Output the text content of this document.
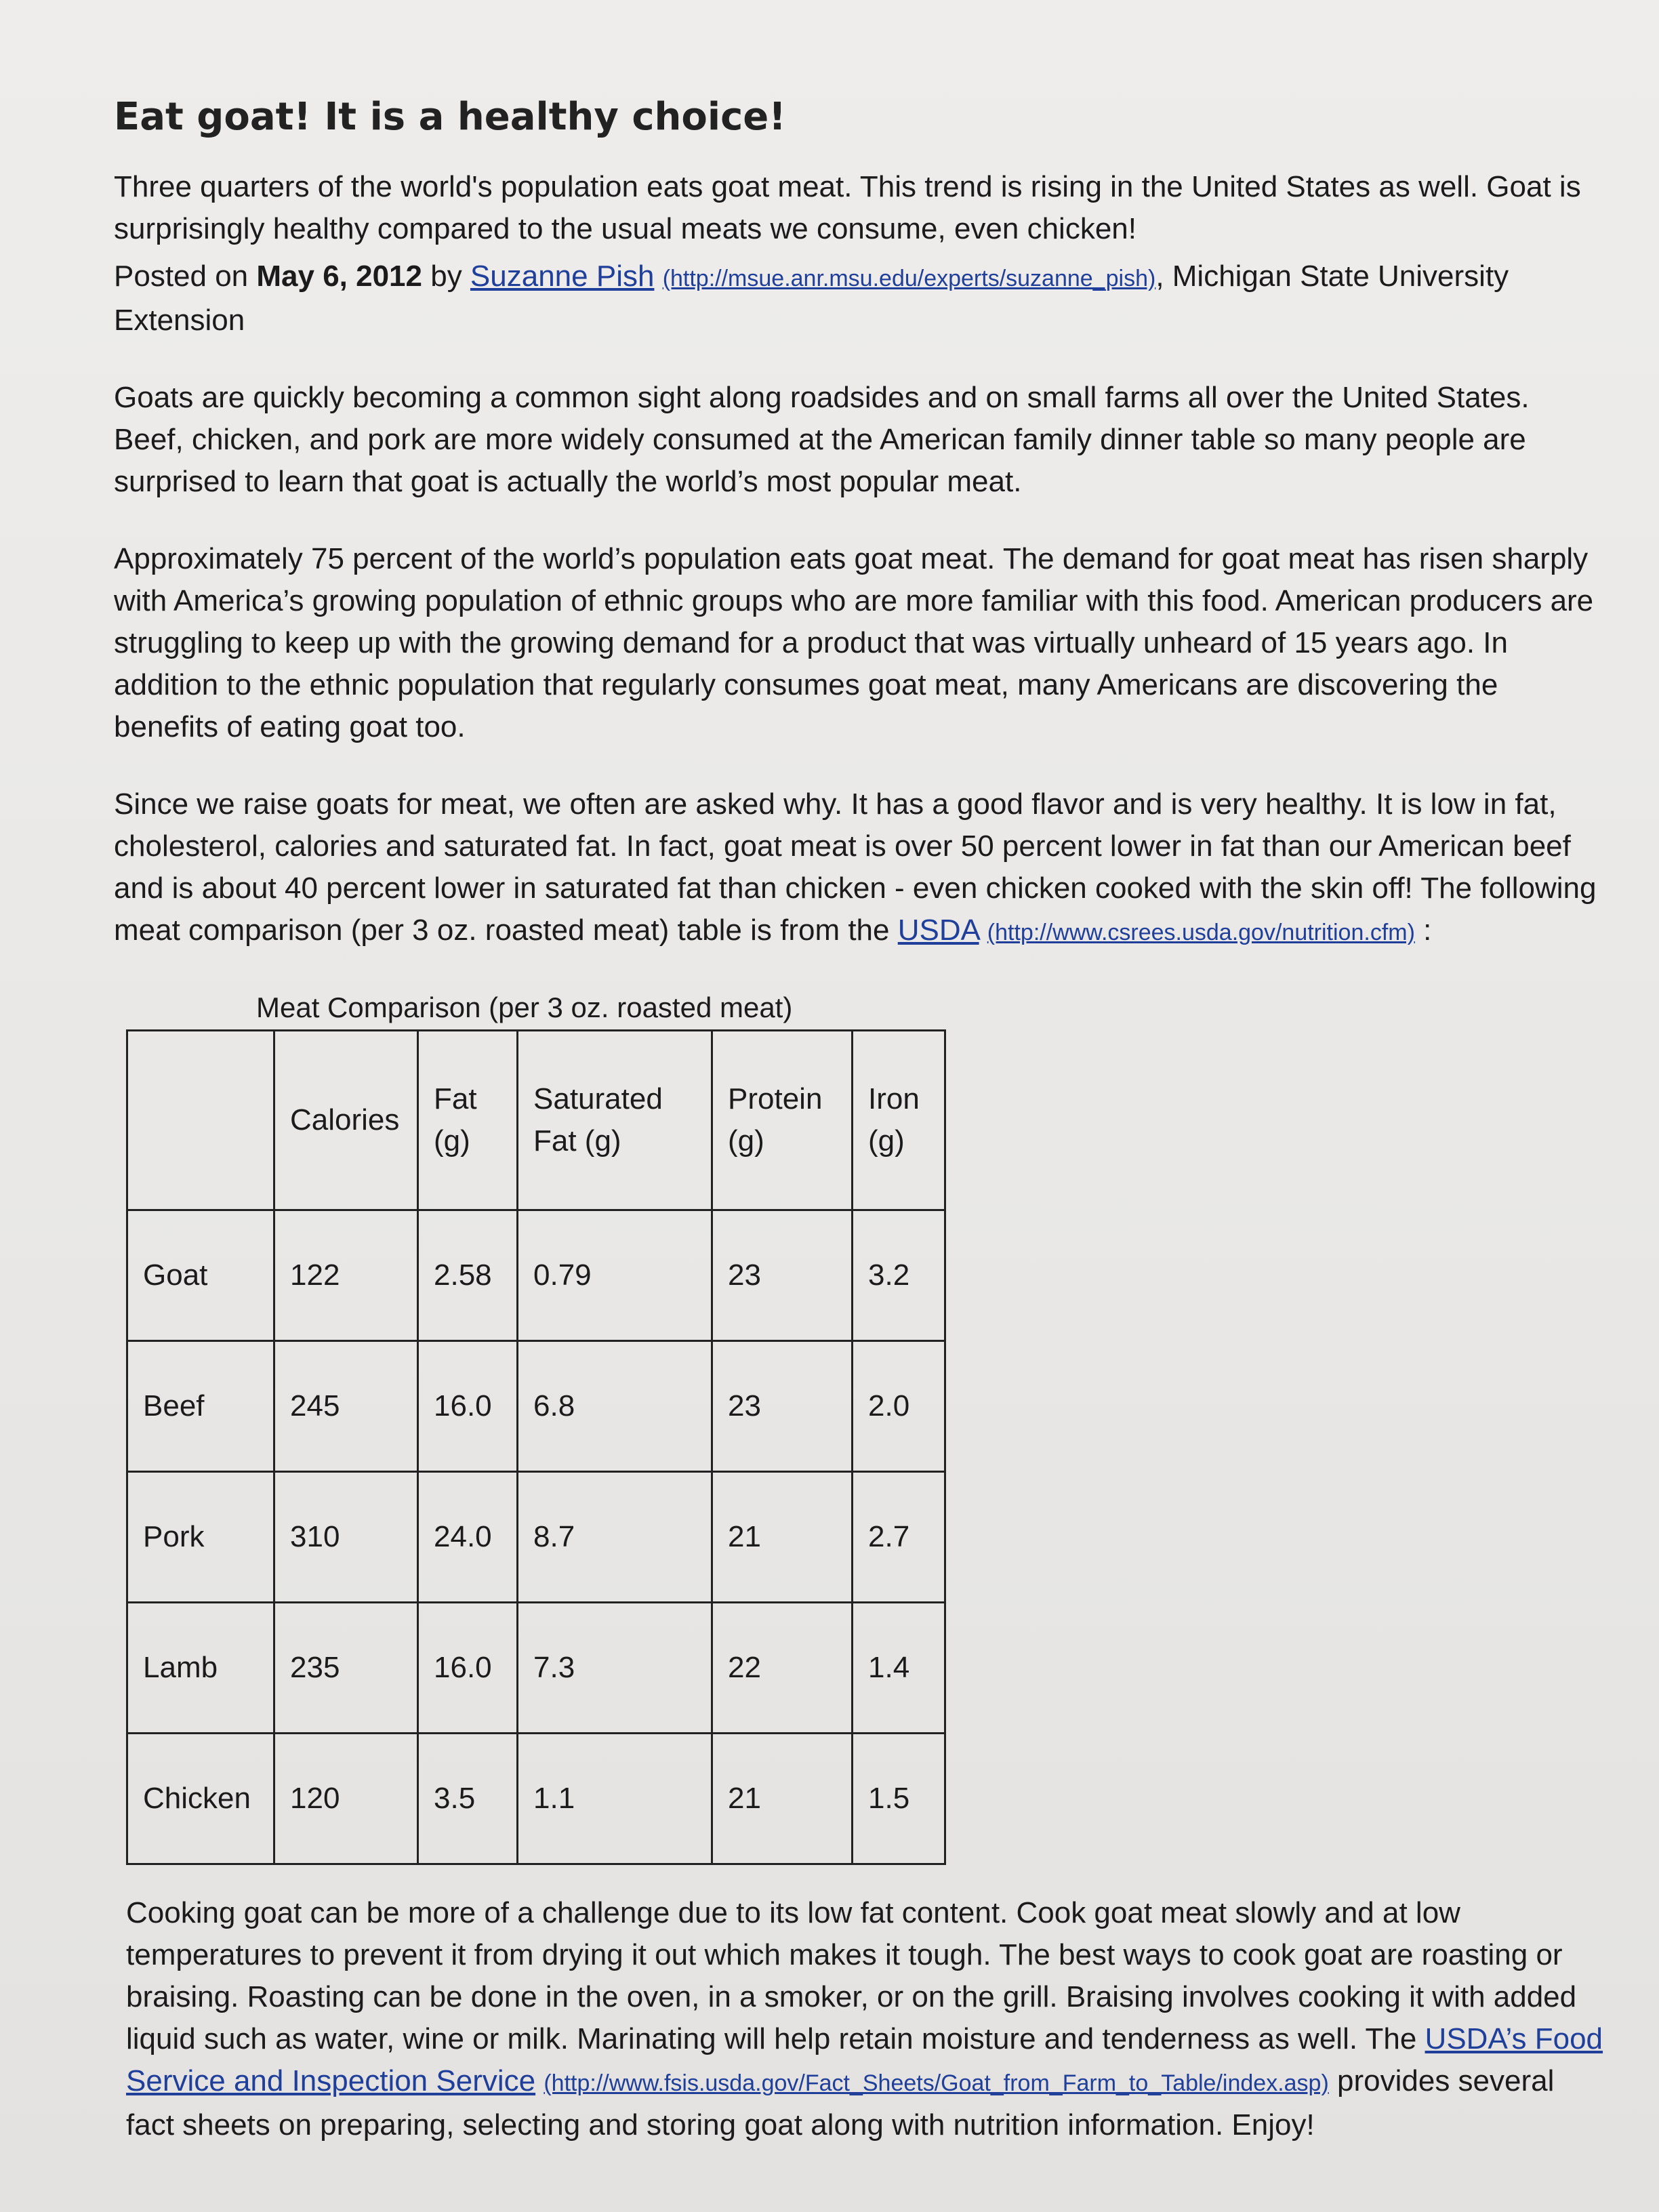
Eat goat! It is a healthy choice!

Three quarters of the world's population eats goat meat. This trend is rising in the United States as well. Goat is surprisingly healthy compared to the usual meats we consume, even chicken!

Posted on May 6, 2012 by Suzanne Pish (http://msue.anr.msu.edu/experts/suzanne_pish), Michigan State University Extension

Goats are quickly becoming a common sight along roadsides and on small farms all over the United States. Beef, chicken, and pork are more widely consumed at the American family dinner table so many people are surprised to learn that goat is actually the world’s most popular meat.

Approximately 75 percent of the world’s population eats goat meat. The demand for goat meat has risen sharply with America’s growing population of ethnic groups who are more familiar with this food. American producers are struggling to keep up with the growing demand for a product that was virtually unheard of 15 years ago. In addition to the ethnic population that regularly consumes goat meat, many Americans are discovering the benefits of eating goat too.

Since we raise goats for meat, we often are asked why. It has a good flavor and is very healthy. It is low in fat, cholesterol, calories and saturated fat. In fact, goat meat is over 50 percent lower in fat than our American beef and is about 40 percent lower in saturated fat than chicken - even chicken cooked with the skin off! The following meat comparison (per 3 oz. roasted meat) table is from the USDA (http://www.csrees.usda.gov/nutrition.cfm) :

Meat Comparison (per 3 oz. roasted meat)
	Calories	Fat (g)	Saturated Fat (g)	Protein (g)	Iron (g)
Goat	122	2.58	0.79	23	3.2
Beef	245	16.0	6.8	23	2.0
Pork	310	24.0	8.7	21	2.7
Lamb	235	16.0	7.3	22	1.4
Chicken	120	3.5	1.1	21	1.5

Cooking goat can be more of a challenge due to its low fat content. Cook goat meat slowly and at low temperatures to prevent it from drying it out which makes it tough. The best ways to cook goat are roasting or braising. Roasting can be done in the oven, in a smoker, or on the grill. Braising involves cooking it with added liquid such as water, wine or milk. Marinating will help retain moisture and tenderness as well. The USDA’s Food Service and Inspection Service (http://www.fsis.usda.gov/Fact_Sheets/Goat_from_Farm_to_Table/index.asp) provides several fact sheets on preparing, selecting and storing goat along with nutrition information. Enjoy!
